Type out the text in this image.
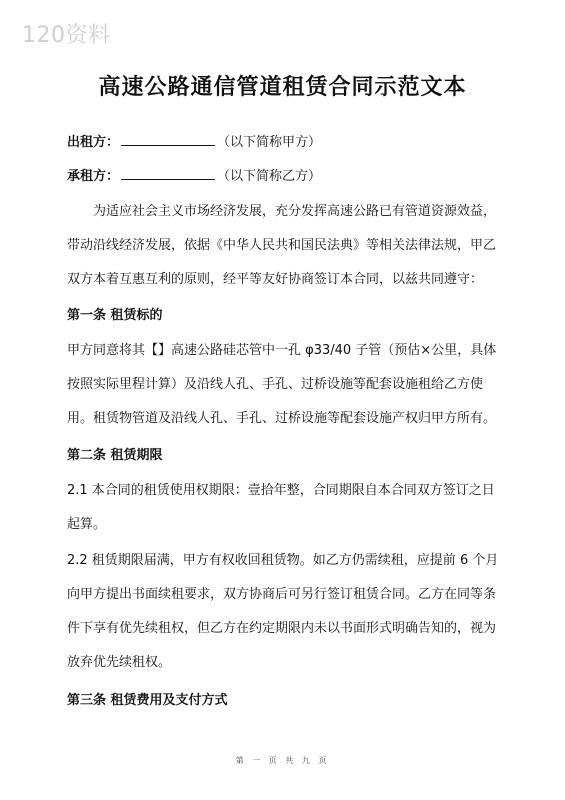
120资料
高速公路通信管道租赁合同示范文本
出租方：	（以下简称甲方）
承租方：	（以下简称乙方）
为适应社会主义市场经济发展，充分发挥高速公路已有管道资源效益，
带动沿线经济发展，依据《中华人民共和国民法典》等相关法律法规，甲乙
双方本着互惠互利的原则，经平等友好协商签订本合同，以兹共同遵守：
第一条 租赁标的
甲方同意将其【】高速公路硅芯管中一孔 φ33/40 子管（预估×公里，具体
按照实际里程计算）及沿线人孔、手孔、过桥设施等配套设施租给乙方使
用。租赁物管道及沿线人孔、手孔、过桥设施等配套设施产权归甲方所有。
第二条 租赁期限
2.1 本合同的租赁使用权期限：壹拾年整，合同期限自本合同双方签订之日
起算。
2.2 租赁期限届满，甲方有权收回租赁物。如乙方仍需续租，应提前 6 个月
向甲方提出书面续租要求，双方协商后可另行签订租赁合同。乙方在同等条
件下享有优先续租权，但乙方在约定期限内未以书面形式明确告知的，视为
放弃优先续租权。
第三条 租赁费用及支付方式
第 一 页 共 九 页
